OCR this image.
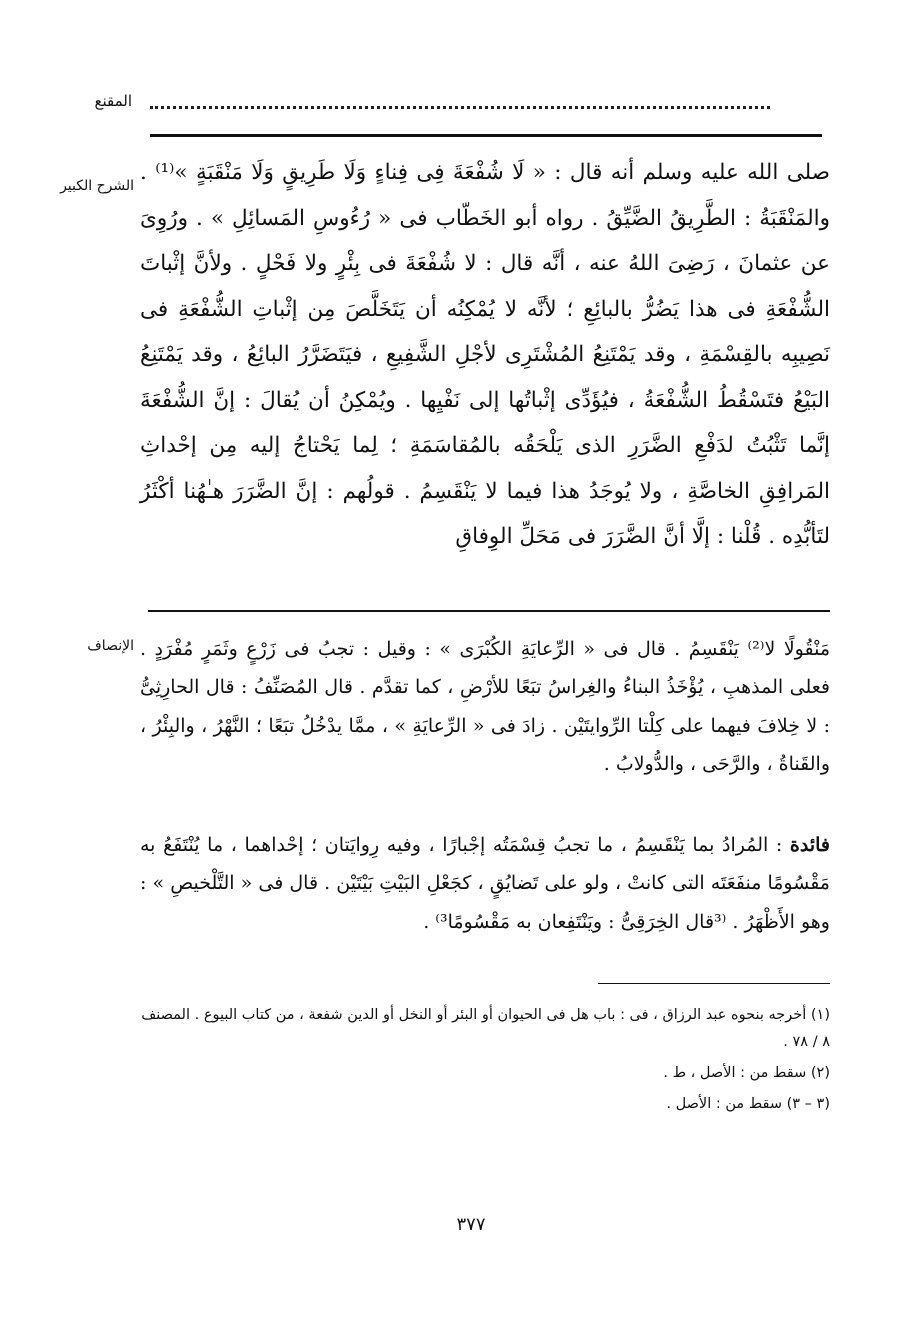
المقنع
الشرح الكبير

صلى الله عليه وسلم أنه قال : « لَا شُفْعَةَ فِى فِناءٍ وَلَا طَرِيقٍ وَلَا مَنْقَبَةٍ »⁽¹⁾ . والمَنْقَبَةُ : الطَّرِيقُ الضَّيِّقُ . رواه أبو الخَطّاب فى « رُءُوسِ المَسائِلِ » . ورُوِىَ عن عثمانَ ، رَضِىَ اللهُ عنه ، أنَّه قال : لا شُفْعَةَ فى بِئْرٍ ولا فَحْلٍ . ولأنَّ إثْباتَ الشُّفْعَةِ فى هذا يَضُرُّ بالبائِعِ ؛ لأنَّه لا يُمْكِنُه أن يَتَخَلَّصَ مِن إثْباتِ الشُّفْعَةِ فى نَصِيبِه بالقِسْمَةِ ، وقد يَمْتَنِعُ المُشْتَرِى لأجْلِ الشَّفِيعِ ، فيَتَضَرَّرُ البائِعُ ، وقد يَمْتَنِعُ البَيْعُ فتَسْقُطُ الشُّفْعَةُ ، فيُؤَدِّى إثْباتُها إلى نَفْيِها . ويُمْكِنُ أن يُقالَ : إنَّ الشُّفْعَةَ إنَّما تَثْبُتُ لدَفْعِ الضَّرَرِ الذى يَلْحَقُه بالمُقاسَمَةِ ؛ لِما يَحْتاجُ إليه مِن إحْداثِ المَرافِقِ الخاصَّةِ ، ولا يُوجَدُ هذا فيما لا يَنْقَسِمُ . قولُهم : إنَّ الضَّرَرَ هـٰهُنا أكْثَرُ لتَأبُّدِه . قُلْنا : إلَّا أنَّ الضَّرَرَ فى مَحَلِّ الوِفاقِ

الإنصاف مَنْقُولًا لا⁽²⁾ يَنْقَسِمُ . قال فى « الرِّعايَةِ الكُبْرَى » : وقيل : تجبُ فى زَرْعٍ وثَمَرٍ مُفْرَدٍ . فعلى المذهبِ ، يُؤْخَذُ البناءُ والغِراسُ تبَعًا للأرْضِ ، كما تقدَّم . قال المُصَنِّفُ : قال الحارِثِىُّ : لا خِلافَ فيهما على كِلْتا الرِّوايتَيْن . زادَ فى « الرِّعايَةِ » ، ممَّا يدْخُلُ تبَعًا ؛ النَّهْرُ ، والبِئْرُ ، والقَناةُ ، والرَّحَى ، والدُّولابُ .

فائدة : المُرادُ بما يَنْقَسِمُ ، ما تجبُ قِسْمَتُه إجْبارًا ، وفيه رِوايَتان ؛ إحْداهما ، ما يُنْتَفَعُ به مَقْسُومًا منفَعَتَه التى كانتْ ، ولو على تَضايُقٍ ، كجَعْلِ البَيْتِ بَيْتَيْن . قال فى « التَّلْخيصِ » : وهو الأَظْهَرُ . ⁽³قال الخِرَقِىُّ : ويَنْتَفِعان به مَقْسُومًا³⁾ .

(١) أخرجه بنحوه عبد الرزاق ، فى : باب هل فى الحيوان أو البئر أو النخل أو الدين شفعة ، من كتاب البيوع . المصنف ٨ / ٧٨ .
(٢) سقط من : الأصل ، ط .
(٣ – ٣) سقط من : الأصل .
٣٧٧
